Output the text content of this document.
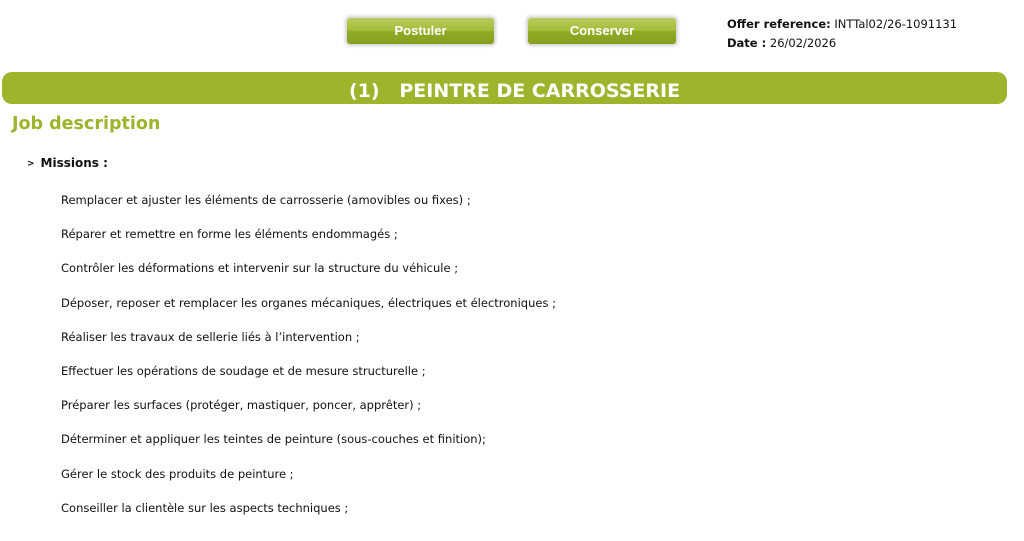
Postuler	Conserver	Offer reference: INTTal02/26-1091131
Date : 26/02/2026
(1)   PEINTRE DE CARROSSERIE
Job description
> Missions :
Remplacer et ajuster les éléments de carrosserie (amovibles ou fixes) ;
Réparer et remettre en forme les éléments endommagés ;
Contrôler les déformations et intervenir sur la structure du véhicule ;
Déposer, reposer et remplacer les organes mécaniques, électriques et électroniques ;
Réaliser les travaux de sellerie liés à l’intervention ;
Effectuer les opérations de soudage et de mesure structurelle ;
Préparer les surfaces (protéger, mastiquer, poncer, apprêter) ;
Déterminer et appliquer les teintes de peinture (sous-couches et finition);
Gérer le stock des produits de peinture ;
Conseiller la clientèle sur les aspects techniques ;
